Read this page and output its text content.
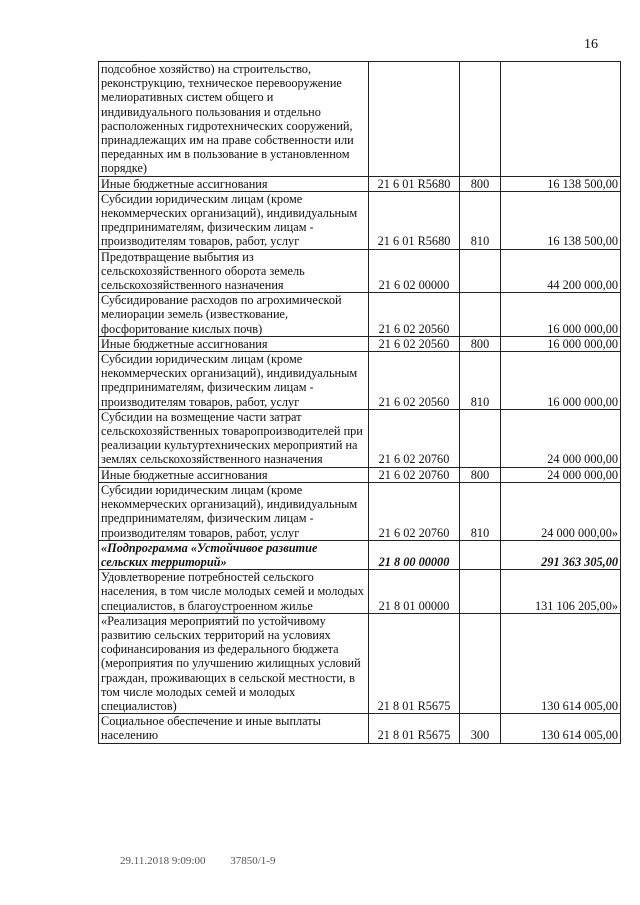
16
подсобное хозяйство) на строительство, реконструкцию, техническое перевооружение мелиоративных систем общего и индивидуального пользования и отдельно расположенных гидротехнических сооружений, принадлежащих им на праве собственности или переданных им в пользование в установленном порядке)			
Иные бюджетные ассигнования	21 6 01 R5680	800	16 138 500,00
Субсидии юридическим лицам (кроме некоммерческих организаций), индивидуальным предпринимателям, физическим лицам - производителям товаров, работ, услуг	21 6 01 R5680	810	16 138 500,00
Предотвращение выбытия из сельскохозяйственного оборота земель сельскохозяйственного назначения	21 6 02 00000		44 200 000,00
Субсидирование расходов по агрохимической мелиорации земель (известкование, фосфоритование кислых почв)	21 6 02 20560		16 000 000,00
Иные бюджетные ассигнования	21 6 02 20560	800	16 000 000,00
Субсидии юридическим лицам (кроме некоммерческих организаций), индивидуальным предпринимателям, физическим лицам - производителям товаров, работ, услуг	21 6 02 20560	810	16 000 000,00
Субсидии на возмещение части затрат сельскохозяйственных товаропроизводителей при реализации культуртехнических мероприятий на землях сельскохозяйственного назначения	21 6 02 20760		24 000 000,00
Иные бюджетные ассигнования	21 6 02 20760	800	24 000 000,00
Субсидии юридическим лицам (кроме некоммерческих организаций), индивидуальным предпринимателям, физическим лицам - производителям товаров, работ, услуг	21 6 02 20760	810	24 000 000,00»
«Подпрограмма «Устойчивое развитие сельских территорий»	21 8 00 00000		291 363 305,00
Удовлетворение потребностей сельского населения, в том числе молодых семей и молодых специалистов, в благоустроенном жилье	21 8 01 00000		131 106 205,00»
«Реализация мероприятий по устойчивому развитию сельских территорий на условиях софинансирования из федерального бюджета (мероприятия по улучшению жилищных условий граждан, проживающих в сельской местности, в том числе молодых семей и молодых специалистов)	21 8 01 R5675		130 614 005,00
Социальное обеспечение и иные выплаты населению	21 8 01 R5675	300	130 614 005,00
29.11.2018 9:09:00 37850/1-9
